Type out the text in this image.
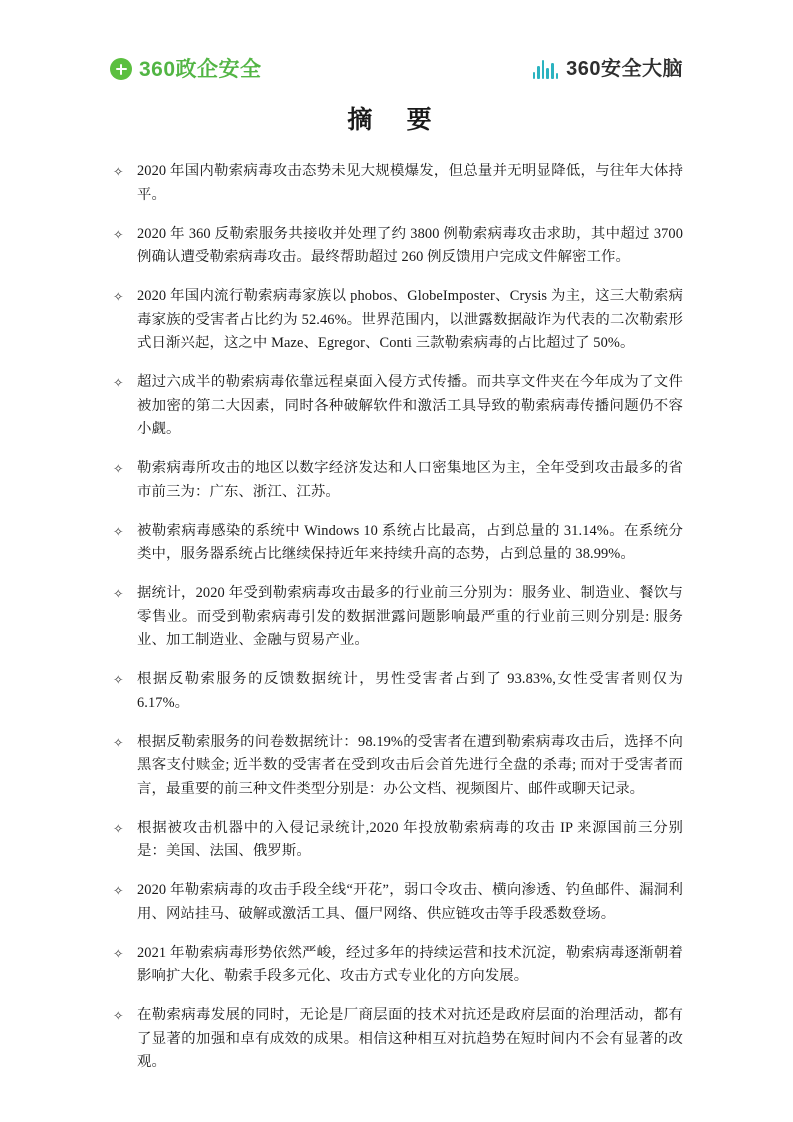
360政企安全	360安全大脑
摘 要
✧ 2020 年国内勒索病毒攻击态势未见大规模爆发，但总量并无明显降低，与往年大体持平。
✧ 2020 年 360 反勒索服务共接收并处理了约 3800 例勒索病毒攻击求助，其中超过 3700 例确认遭受勒索病毒攻击。最终帮助超过 260 例反馈用户完成文件解密工作。
✧ 2020 年国内流行勒索病毒家族以 phobos、GlobeImposter、Crysis 为主，这三大勒索病毒家族的受害者占比约为 52.46%。世界范围内，以泄露数据敲诈为代表的二次勒索形式日渐兴起，这之中 Maze、Egregor、Conti 三款勒索病毒的占比超过了 50%。
✧ 超过六成半的勒索病毒依靠远程桌面入侵方式传播。而共享文件夹在今年成为了文件被加密的第二大因素，同时各种破解软件和激活工具导致的勒索病毒传播问题仍不容小觑。
✧ 勒索病毒所攻击的地区以数字经济发达和人口密集地区为主，全年受到攻击最多的省市前三为：广东、浙江、江苏。
✧ 被勒索病毒感染的系统中 Windows 10 系统占比最高，占到总量的 31.14%。在系统分类中，服务器系统占比继续保持近年来持续升高的态势，占到总量的 38.99%。
✧ 据统计，2020 年受到勒索病毒攻击最多的行业前三分别为：服务业、制造业、餐饮与零售业。而受到勒索病毒引发的数据泄露问题影响最严重的行业前三则分别是: 服务业、加工制造业、金融与贸易产业。
✧ 根据反勒索服务的反馈数据统计，男性受害者占到了 93.83%,女性受害者则仅为 6.17%。
✧ 根据反勒索服务的问卷数据统计：98.19%的受害者在遭到勒索病毒攻击后，选择不向黑客支付赎金; 近半数的受害者在受到攻击后会首先进行全盘的杀毒; 而对于受害者而言，最重要的前三种文件类型分别是：办公文档、视频图片、邮件或聊天记录。
✧ 根据被攻击机器中的入侵记录统计,2020 年投放勒索病毒的攻击 IP 来源国前三分别是：美国、法国、俄罗斯。
✧ 2020 年勒索病毒的攻击手段全线“开花”，弱口令攻击、横向渗透、钓鱼邮件、漏洞利用、网站挂马、破解或激活工具、僵尸网络、供应链攻击等手段悉数登场。
✧ 2021 年勒索病毒形势依然严峻，经过多年的持续运营和技术沉淀，勒索病毒逐渐朝着影响扩大化、勒索手段多元化、攻击方式专业化的方向发展。
✧ 在勒索病毒发展的同时，无论是厂商层面的技术对抗还是政府层面的治理活动，都有了显著的加强和卓有成效的成果。相信这种相互对抗趋势在短时间内不会有显著的改观。
